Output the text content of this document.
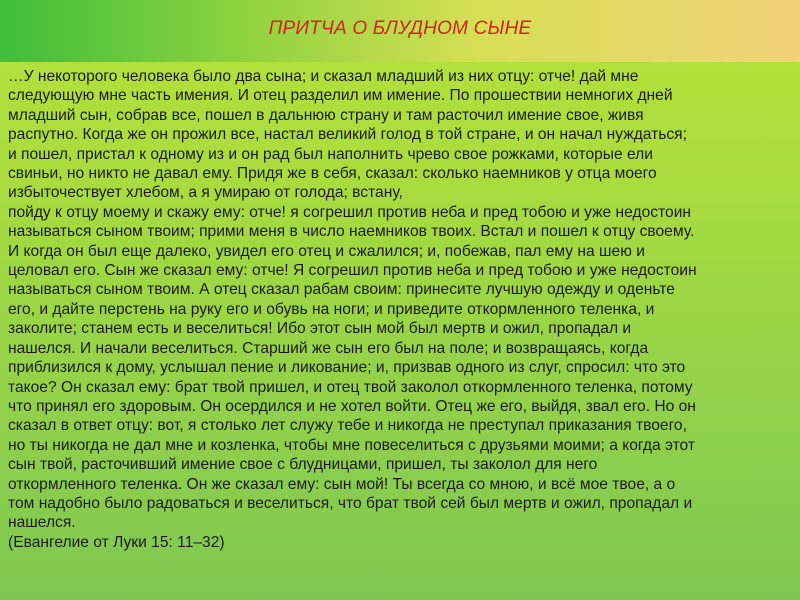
ПРИТЧА О БЛУДНОМ СЫНЕ
…У некоторого человека было два сына; и сказал младший из них отцу: отче! дай мне
следующую мне часть имения. И отец разделил им имение. По прошествии немногих дней
младший сын, собрав все, пошел в дальнюю страну и там расточил имение свое, живя
распутно. Когда же он прожил все, настал великий голод в той стране, и он начал нуждаться;
и пошел, пристал к одному из и он рад был наполнить чрево свое рожками, которые ели
свиньи, но никто не давал ему. Придя же в себя, сказал: сколько наемников у отца моего
избыточествует хлебом, а я умираю от голода; встану,
пойду к отцу моему и скажу ему: отче! я согрешил против неба и пред тобою и уже недостоин
называться сыном твоим; прими меня в число наемников твоих. Встал и пошел к отцу своему.
И когда он был еще далеко, увидел его отец и сжалился; и, побежав, пал ему на шею и
целовал его. Сын же сказал ему: отче! Я согрешил против неба и пред тобою и уже недостоин
называться сыном твоим. А отец сказал рабам своим: принесите лучшую одежду и оденьте
его, и дайте перстень на руку его и обувь на ноги; и приведите откормленного теленка, и
заколите; станем есть и веселиться! Ибо этот сын мой был мертв и ожил, пропадал и
нашелся. И начали веселиться. Старший же сын его был на поле; и возвращаясь, когда
приблизился к дому, услышал пение и ликование; и, призвав одного из слуг, спросил: что это
такое? Он сказал ему: брат твой пришел, и отец твой заколол откормленного теленка, потому
что принял его здоровым. Он осердился и не хотел войти. Отец же его, выйдя, звал его. Но он
сказал в ответ отцу: вот, я столько лет служу тебе и никогда не преступал приказания твоего,
но ты никогда не дал мне и козленка, чтобы мне повеселиться с друзьями моими; а когда этот
сын твой, расточивший имение свое с блудницами, пришел, ты заколол для него
откормленного теленка. Он же сказал ему: сын мой! Ты всегда со мною, и всё мое твое, а о
том надобно было радоваться и веселиться, что брат твой сей был мертв и ожил, пропадал и
нашелся.
(Евангелие от Луки 15: 11–32)
